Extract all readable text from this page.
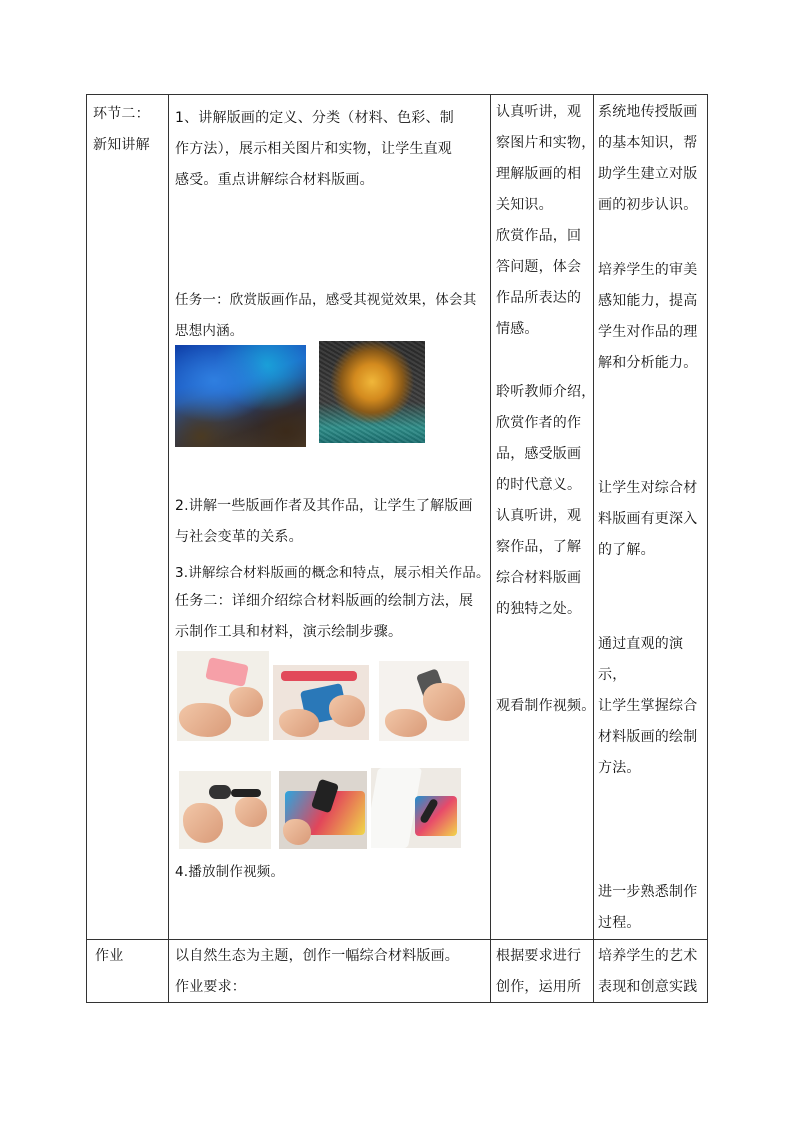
环节二：
新知讲解
1、讲解版画的定义、分类（材料、色彩、制
作方法），展示相关图片和实物，让学生直观
感受。重点讲解综合材料版画。
任务一：欣赏版画作品，感受其视觉效果，体会其
思想内涵。
2.讲解一些版画作者及其作品，让学生了解版画
与社会变革的关系。
3.讲解综合材料版画的概念和特点，展示相关作品。
任务二：详细介绍综合材料版画的绘制方法，展
示制作工具和材料，演示绘制步骤。
4.播放制作视频。
认真听讲，观
察图片和实物，
理解版画的相
关知识。
欣赏作品，回
答问题，体会
作品所表达的
情感。
聆听教师介绍，
欣赏作者的作
品，感受版画
的时代意义。
认真听讲，观
察作品，了解
综合材料版画
的独特之处。
观看制作视频。
系统地传授版画
的基本知识，帮
助学生建立对版
画的初步认识。
培养学生的审美
感知能力，提高
学生对作品的理
解和分析能力。
让学生对综合材
料版画有更深入
的了解。
通过直观的演示，
让学生掌握综合
材料版画的绘制
方法。
进一步熟悉制作
过程。
作业	以自然生态为主题，创作一幅综合材料版画。
作业要求：
根据要求进行
创作，运用所
培养学生的艺术
表现和创意实践
